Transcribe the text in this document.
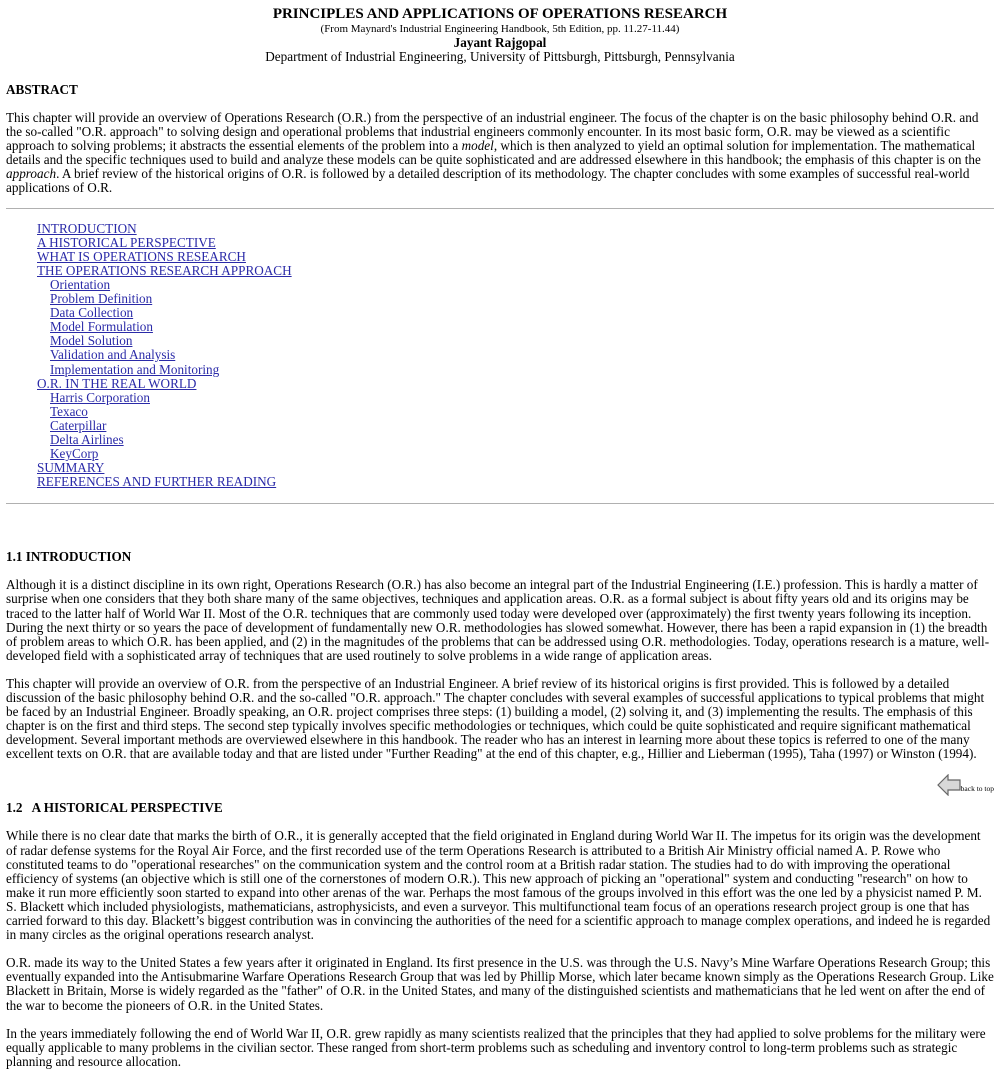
PRINCIPLES AND APPLICATIONS OF OPERATIONS RESEARCH
(From Maynard's Industrial Engineering Handbook, 5th Edition, pp. 11.27-11.44)
Jayant Rajgopal
Department of Industrial Engineering, University of Pittsburgh, Pittsburgh, Pennsylvania
ABSTRACT

This chapter will provide an overview of Operations Research (O.R.) from the perspective of an industrial engineer. The focus of the chapter is on the basic philosophy behind O.R. and the so-called "O.R. approach" to solving design and operational problems that industrial engineers commonly encounter. In its most basic form, O.R. may be viewed as a scientific approach to solving problems; it abstracts the essential elements of the problem into a model, which is then analyzed to yield an optimal solution for implementation. The mathematical details and the specific techniques used to build and analyze these models can be quite sophisticated and are addressed elsewhere in this handbook; the emphasis of this chapter is on the approach. A brief review of the historical origins of O.R. is followed by a detailed description of its methodology. The chapter concludes with some examples of successful real-world applications of O.R.

INTRODUCTION
A HISTORICAL PERSPECTIVE
WHAT IS OPERATIONS RESEARCH
THE OPERATIONS RESEARCH APPROACH
Orientation
Problem Definition
Data Collection
Model Formulation
Model Solution
Validation and Analysis
Implementation and Monitoring
O.R. IN THE REAL WORLD
Harris Corporation
Texaco
Caterpillar
Delta Airlines
KeyCorp
SUMMARY
REFERENCES AND FURTHER READING
1.1 INTRODUCTION

Although it is a distinct discipline in its own right, Operations Research (O.R.) has also become an integral part of the Industrial Engineering (I.E.) profession. This is hardly a matter of surprise when one considers that they both share many of the same objectives, techniques and application areas. O.R. as a formal subject is about fifty years old and its origins may be traced to the latter half of World War II. Most of the O.R. techniques that are commonly used today were developed over (approximately) the first twenty years following its inception. During the next thirty or so years the pace of development of fundamentally new O.R. methodologies has slowed somewhat. However, there has been a rapid expansion in (1) the breadth of problem areas to which O.R. has been applied, and (2) in the magnitudes of the problems that can be addressed using O.R. methodologies. Today, operations research is a mature, well-developed field with a sophisticated array of techniques that are used routinely to solve problems in a wide range of application areas.

This chapter will provide an overview of O.R. from the perspective of an Industrial Engineer. A brief review of its historical origins is first provided. This is followed by a detailed discussion of the basic philosophy behind O.R. and the so-called "O.R. approach." The chapter concludes with several examples of successful applications to typical problems that might be faced by an Industrial Engineer. Broadly speaking, an O.R. project comprises three steps: (1) building a model, (2) solving it, and (3) implementing the results. The emphasis of this chapter is on the first and third steps. The second step typically involves specific methodologies or techniques, which could be quite sophisticated and require significant mathematical development. Several important methods are overviewed elsewhere in this handbook. The reader who has an interest in learning more about these topics is referred to one of the many excellent texts on O.R. that are available today and that are listed under "Further Reading" at the end of this chapter, e.g., Hillier and Lieberman (1995), Taha (1997) or Winston (1994).

back to top
1.2   A HISTORICAL PERSPECTIVE

While there is no clear date that marks the birth of O.R., it is generally accepted that the field originated in England during World War II. The impetus for its origin was the development of radar defense systems for the Royal Air Force, and the first recorded use of the term Operations Research is attributed to a British Air Ministry official named A. P. Rowe who constituted teams to do "operational researches" on the communication system and the control room at a British radar station. The studies had to do with improving the operational efficiency of systems (an objective which is still one of the cornerstones of modern O.R.). This new approach of picking an "operational" system and conducting "research" on how to make it run more efficiently soon started to expand into other arenas of the war. Perhaps the most famous of the groups involved in this effort was the one led by a physicist named P. M. S. Blackett which included physiologists, mathematicians, astrophysicists, and even a surveyor. This multifunctional team focus of an operations research project group is one that has carried forward to this day. Blackett’s biggest contribution was in convincing the authorities of the need for a scientific approach to manage complex operations, and indeed he is regarded in many circles as the original operations research analyst.

O.R. made its way to the United States a few years after it originated in England. Its first presence in the U.S. was through the U.S. Navy’s Mine Warfare Operations Research Group; this eventually expanded into the Antisubmarine Warfare Operations Research Group that was led by Phillip Morse, which later became known simply as the Operations Research Group. Like Blackett in Britain, Morse is widely regarded as the "father" of O.R. in the United States, and many of the distinguished scientists and mathematicians that he led went on after the end of the war to become the pioneers of O.R. in the United States.

In the years immediately following the end of World War II, O.R. grew rapidly as many scientists realized that the principles that they had applied to solve problems for the military were equally applicable to many problems in the civilian sector. These ranged from short-term problems such as scheduling and inventory control to long-term problems such as strategic planning and resource allocation.
